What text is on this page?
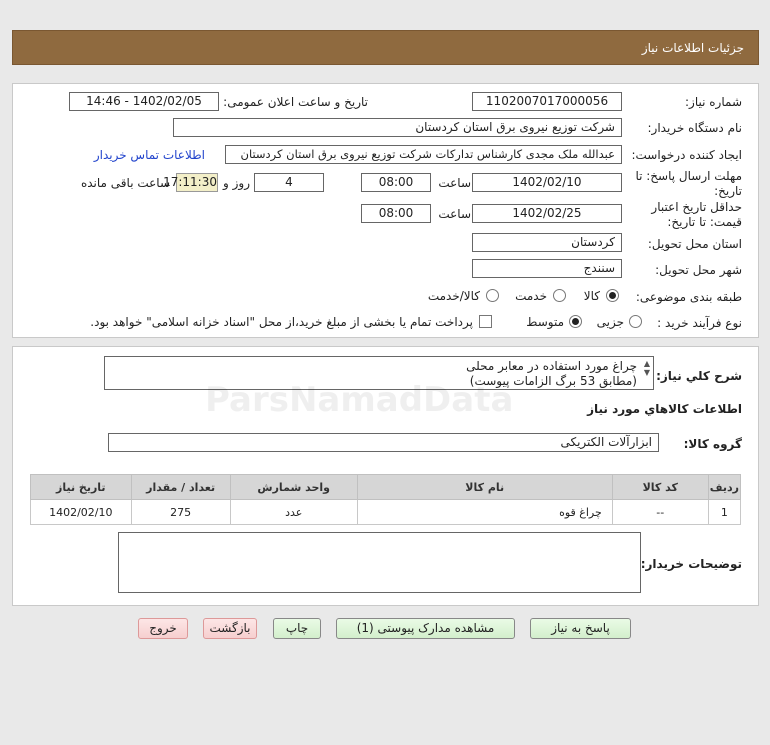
جزئیات اطلاعات نیاز
شماره نیاز:
1102007017000056
تاریخ و ساعت اعلان عمومی:
1402/02/05 - 14:46
نام دستگاه خریدار:
شرکت توزیع نیروی برق استان کردستان
ایجاد کننده درخواست:
عبدالله ملک مجدی کارشناس تدارکات شرکت توزیع نیروی برق استان کردستان
اطلاعات تماس خریدار
مهلت ارسال پاسخ: تا
تاریخ:
1402/02/10
ساعت
08:00
4
روز و
17:11:30
ساعت باقی مانده
حداقل تاریخ اعتبار
قیمت: تا تاریخ:
1402/02/25
ساعت
08:00
استان محل تحویل:
کردستان
شهر محل تحویل:
سنندج
طبقه بندی موضوعی:
کالا
خدمت
کالا/خدمت
نوع فرآیند خرید :
جزیی
متوسط
پرداخت تمام یا بخشی از مبلغ خرید،از محل "اسناد خزانه اسلامی" خواهد بود.
شرح كلي نياز:
چراغ مورد استفاده در معابر محلی
(مطابق 53 برگ الزامات پیوست)
▲
▼
اطلاعات كالاهاي مورد نياز
گروه كالا:
ابزارآلات الکتریکی
ردیف	کد کالا	نام کالا	واحد شمارش	تعداد / مقدار	تاریخ نیاز
1	--	چراغ قوه	عدد	275	1402/02/10
توضیحات خریدار:
پاسخ به نیاز
مشاهده مدارک پیوستی (1)
چاپ
بازگشت
خروج
